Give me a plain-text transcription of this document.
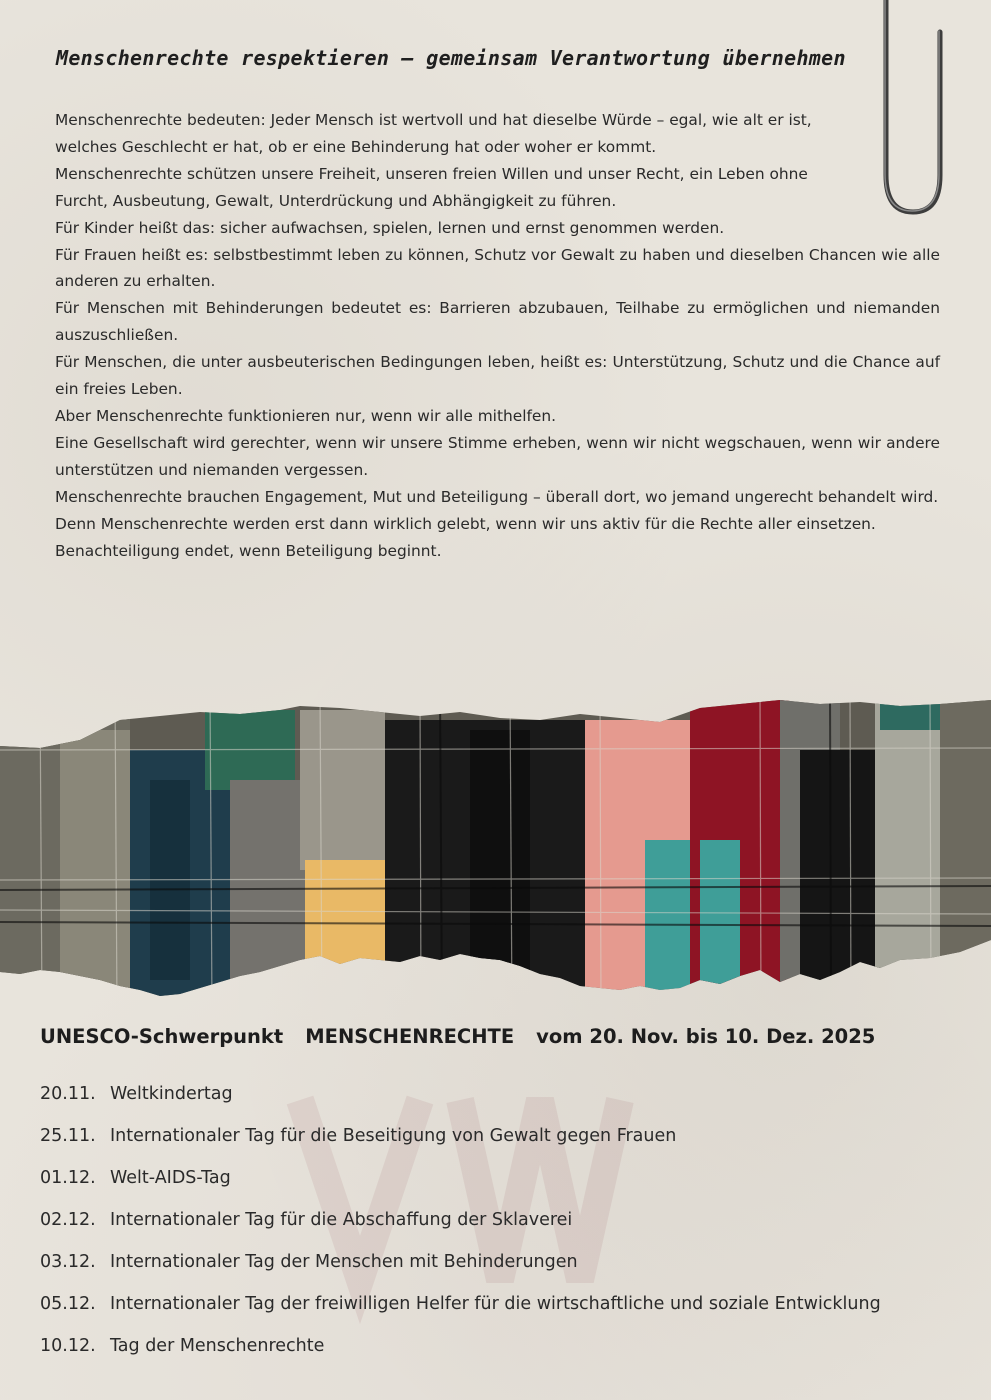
Menschenrechte respektieren – gemeinsam Verantwortung übernehmen

Menschenrechte bedeuten: Jeder Mensch ist wertvoll und hat dieselbe Würde – egal, wie alt er ist, welches Geschlecht er hat, ob er eine Behinderung hat oder woher er kommt.

Menschenrechte schützen unsere Freiheit, unseren freien Willen und unser Recht, ein Leben ohne Furcht, Ausbeutung, Gewalt, Unterdrückung und Abhängigkeit zu führen.

Für Kinder heißt das: sicher aufwachsen, spielen, lernen und ernst genommen werden.

Für Frauen heißt es: selbstbestimmt leben zu können, Schutz vor Gewalt zu haben und dieselben Chancen wie alle anderen zu erhalten.

Für Menschen mit Behinderungen bedeutet es: Barrieren abzubauen, Teilhabe zu ermöglichen und niemanden auszuschließen.

Für Menschen, die unter ausbeuterischen Bedingungen leben, heißt es: Unterstützung, Schutz und die Chance auf ein freies Leben.

Aber Menschenrechte funktionieren nur, wenn wir alle mithelfen.

Eine Gesellschaft wird gerechter, wenn wir unsere Stimme erheben, wenn wir nicht wegschauen, wenn wir andere unterstützen und niemanden vergessen.

Menschenrechte brauchen Engagement, Mut und Beteiligung – überall dort, wo jemand ungerecht behandelt wird.

Denn Menschenrechte werden erst dann wirklich gelebt, wenn wir uns aktiv für die Rechte aller einsetzen.

Benachteiligung endet, wenn Beteiligung beginnt.

UNESCO-Schwerpunkt MENSCHENRECHTE vom 20. Nov. bis 10. Dez. 2025
20.11. Weltkindertag
25.11. Internationaler Tag für die Beseitigung von Gewalt gegen Frauen
01.12. Welt-AIDS-Tag
02.12. Internationaler Tag für die Abschaffung der Sklaverei
03.12. Internationaler Tag der Menschen mit Behinderungen
05.12. Internationaler Tag der freiwilligen Helfer für die wirtschaftliche und soziale Entwicklung
10.12. Tag der Menschenrechte
